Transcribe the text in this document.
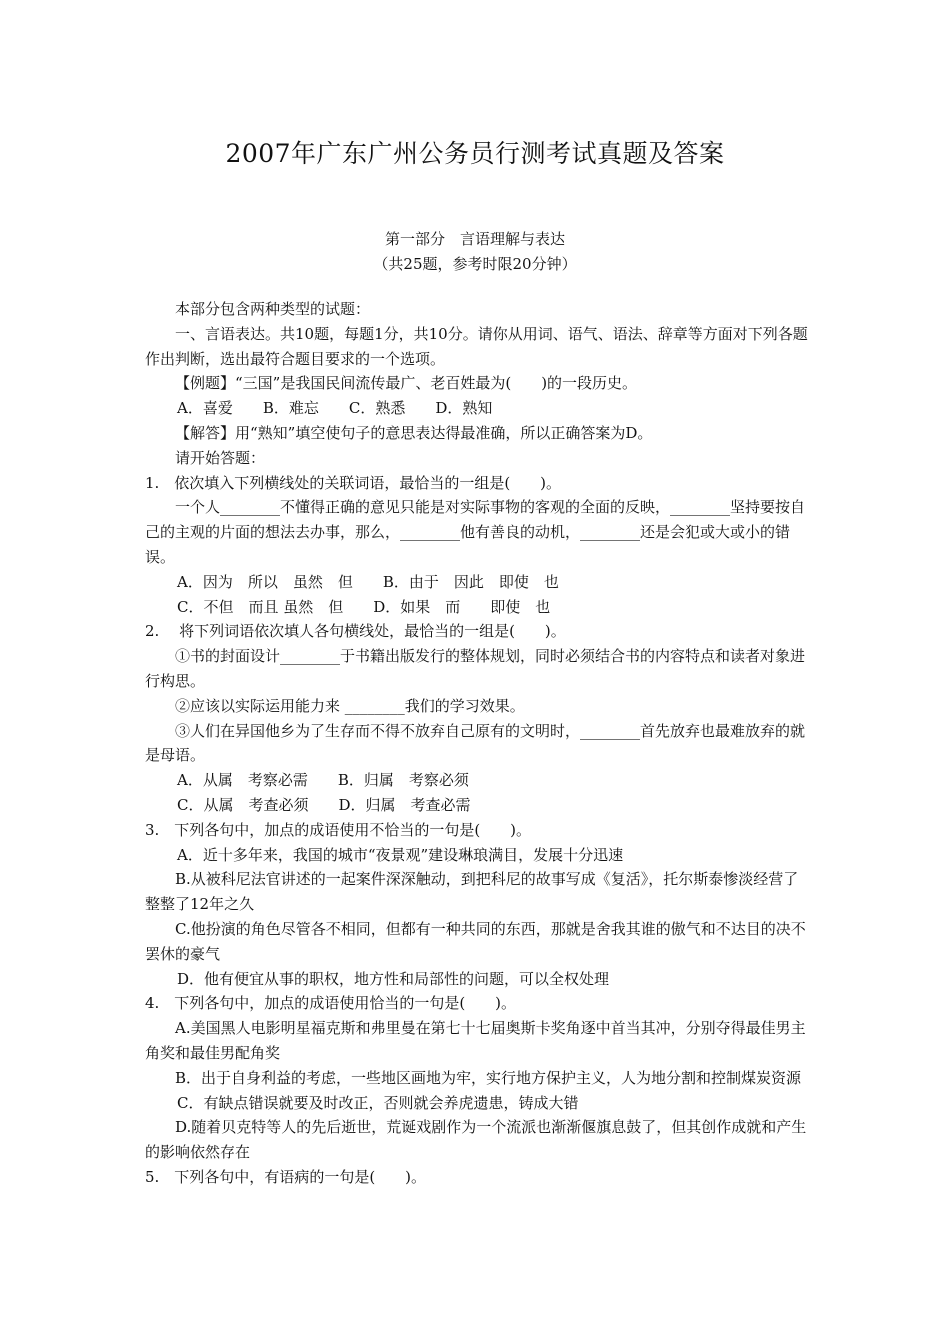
2007年广东广州公务员行测考试真题及答案
第一部分　言语理解与表达
（共25题，参考时限20分钟）

本部分包含两种类型的试题：

一、言语表达。共10题，每题1分，共10分。请你从用词、语气、语法、辞章等方面对下列各题作出判断，选出最符合题目要求的一个选项。

【例题】“三国”是我国民间流传最广、老百姓最为(　　)的一段历史。

A．喜爱　　B．难忘　　C．熟悉　　D．熟知

【解答】用“熟知”填空使句子的意思表达得最准确，所以正确答案为D。

请开始答题：

1.　依次填入下列横线处的关联词语，最恰当的一组是(　　)。

一个人________不懂得正确的意见只能是对实际事物的客观的全面的反映，________坚持要按自己的主观的片面的想法去办事，那么，________他有善良的动机，________还是会犯或大或小的错误。

A．因为　所以　虽然　但　　B．由于　因此　即使　也

C．不但　而且 虽然　但　　D．如果　而　　即使　也

2.　 将下列词语依次填人各句横线处，最恰当的一组是(　　)。

①书的封面设计________于书籍出版发行的整体规划，同时必须结合书的内容特点和读者对象进行构思。

②应该以实际运用能力来 ________我们的学习效果。

③人们在异国他乡为了生存而不得不放弃自己原有的文明时，________首先放弃也最难放弃的就是母语。

A．从属　考察必需　　B．归属　考察必须

C．从属　考查必须　　D．归属　考查必需

3.　下列各句中，加点的成语使用不恰当的一句是(　　)。

A．近十多年来，我国的城市“夜景观”建设琳琅满目，发展十分迅速

B.从被科尼法官讲述的一起案件深深触动，到把科尼的故事写成《复活》，托尔斯泰惨淡经营了整整了12年之久

C.他扮演的角色尽管各不相同，但都有一种共同的东西，那就是舍我其谁的傲气和不达目的决不罢休的豪气

D．他有便宜从事的职权，地方性和局部性的问题，可以全权处理

4.　下列各句中，加点的成语使用恰当的一句是(　　)。

A.美国黑人电影明星福克斯和弗里曼在第七十七届奥斯卡奖角逐中首当其冲，分别夺得最佳男主角奖和最佳男配角奖

B．出于自身利益的考虑，一些地区画地为牢，实行地方保护主义，人为地分割和控制煤炭资源

C．有缺点错误就要及时改正，否则就会养虎遗患，铸成大错

D.随着贝克特等人的先后逝世，荒诞戏剧作为一个流派也渐渐偃旗息鼓了，但其创作成就和产生的影响依然存在

5.　下列各句中，有语病的一句是(　　)。
